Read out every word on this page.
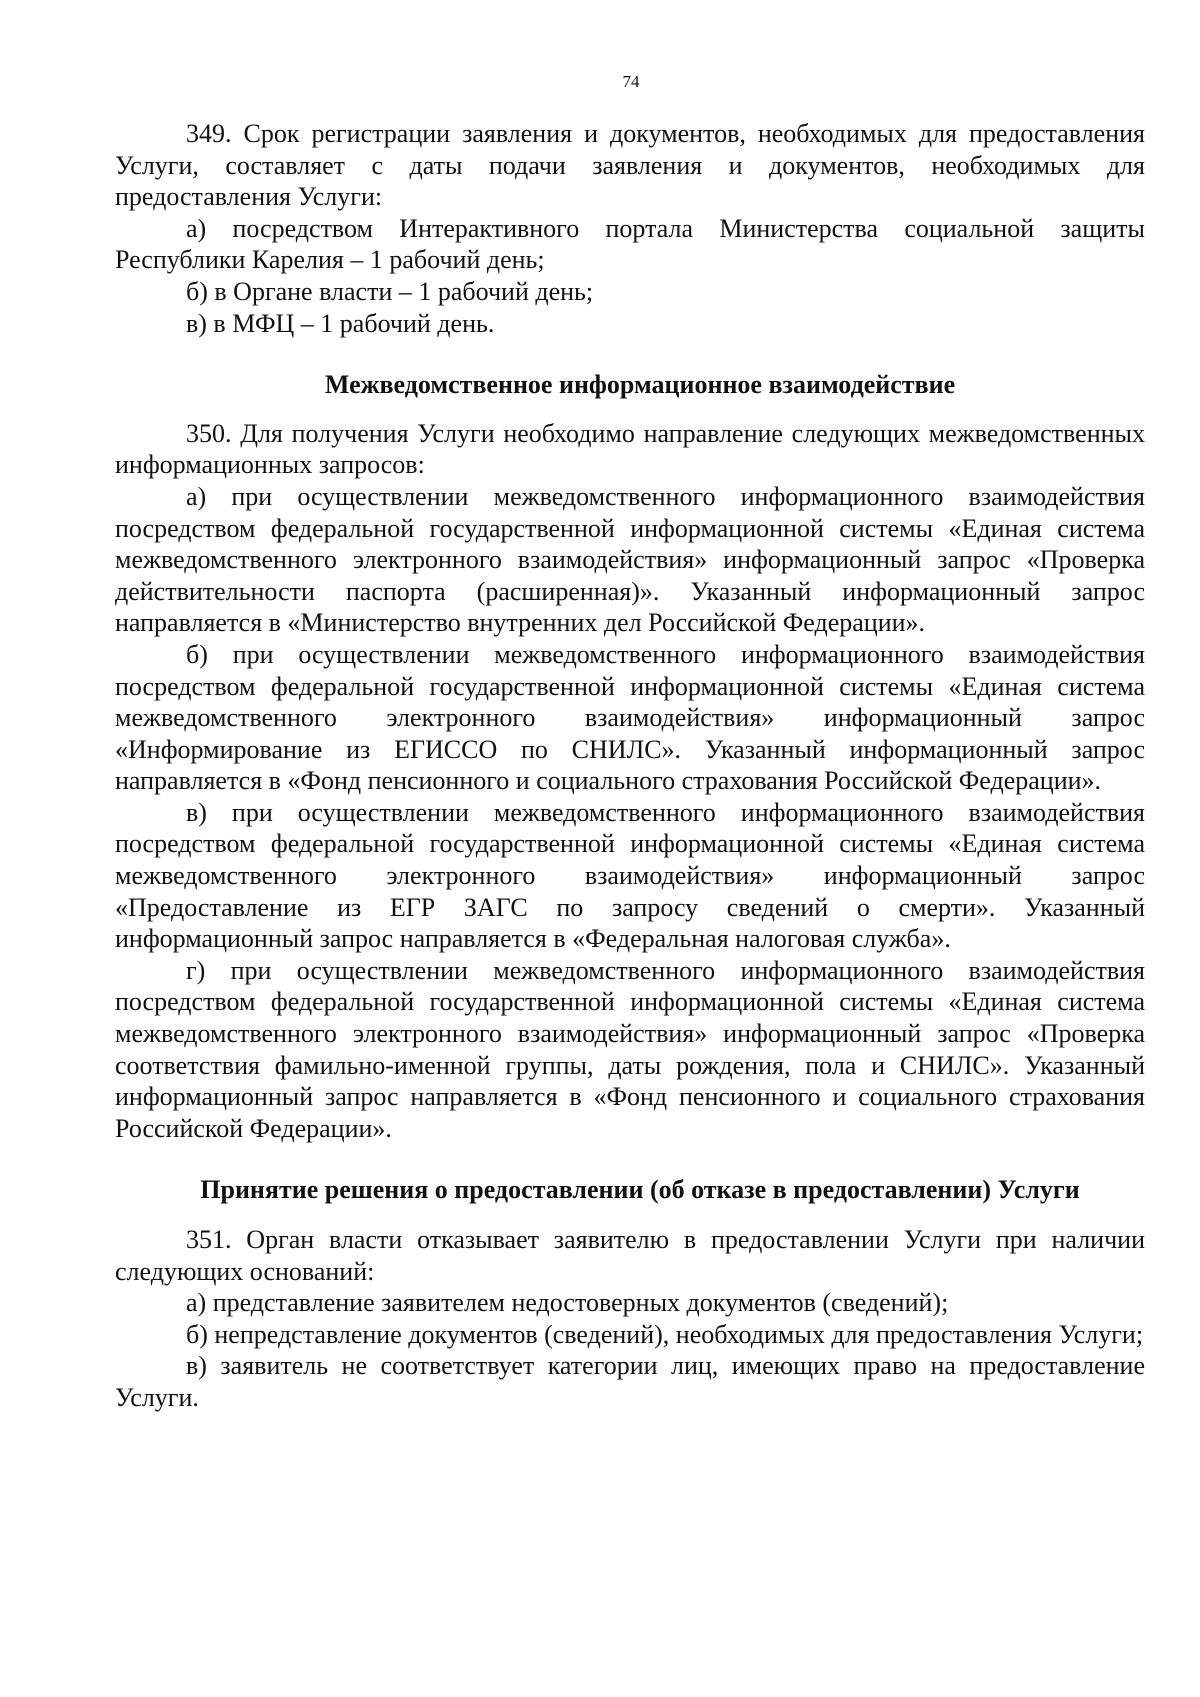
74

349. Срок регистрации заявления и документов, необходимых для предоставления Услуги, составляет с даты подачи заявления и документов, необходимых для предоставления Услуги:

а) посредством Интерактивного портала Министерства социальной защиты Республики Карелия – 1 рабочий день;

б) в Органе власти – 1 рабочий день;

в) в МФЦ – 1 рабочий день.

Межведомственное информационное взаимодействие

350. Для получения Услуги необходимо направление следующих межведомственных информационных запросов:

а) при осуществлении межведомственного информационного взаимодействия посредством федеральной государственной информационной системы «Единая система межведомственного электронного взаимодействия» информационный запрос «Проверка действительности паспорта (расширенная)». Указанный информационный запрос направляется в «Министерство внутренних дел Российской Федерации».

б) при осуществлении межведомственного информационного взаимодействия посредством федеральной государственной информационной системы «Единая система межведомственного электронного взаимодействия» информационный запрос «Информирование из ЕГИССО по СНИЛС». Указанный информационный запрос направляется в «Фонд пенсионного и социального страхования Российской Федерации».

в) при осуществлении межведомственного информационного взаимодействия посредством федеральной государственной информационной системы «Единая система межведомственного электронного взаимодействия» информационный запрос «Предоставление из ЕГР ЗАГС по запросу сведений о смерти». Указанный информационный запрос направляется в «Федеральная налоговая служба».

г) при осуществлении межведомственного информационного взаимодействия посредством федеральной государственной информационной системы «Единая система межведомственного электронного взаимодействия» информационный запрос «Проверка соответствия фамильно-именной группы, даты рождения, пола и СНИЛС». Указанный информационный запрос направляется в «Фонд пенсионного и социального страхования Российской Федерации».

Принятие решения о предоставлении (об отказе в предоставлении) Услуги

351. Орган власти отказывает заявителю в предоставлении Услуги при наличии следующих оснований:

а) представление заявителем недостоверных документов (сведений);

б) непредставление документов (сведений), необходимых для предоставления Услуги;

в) заявитель не соответствует категории лиц, имеющих право на предоставление Услуги.
